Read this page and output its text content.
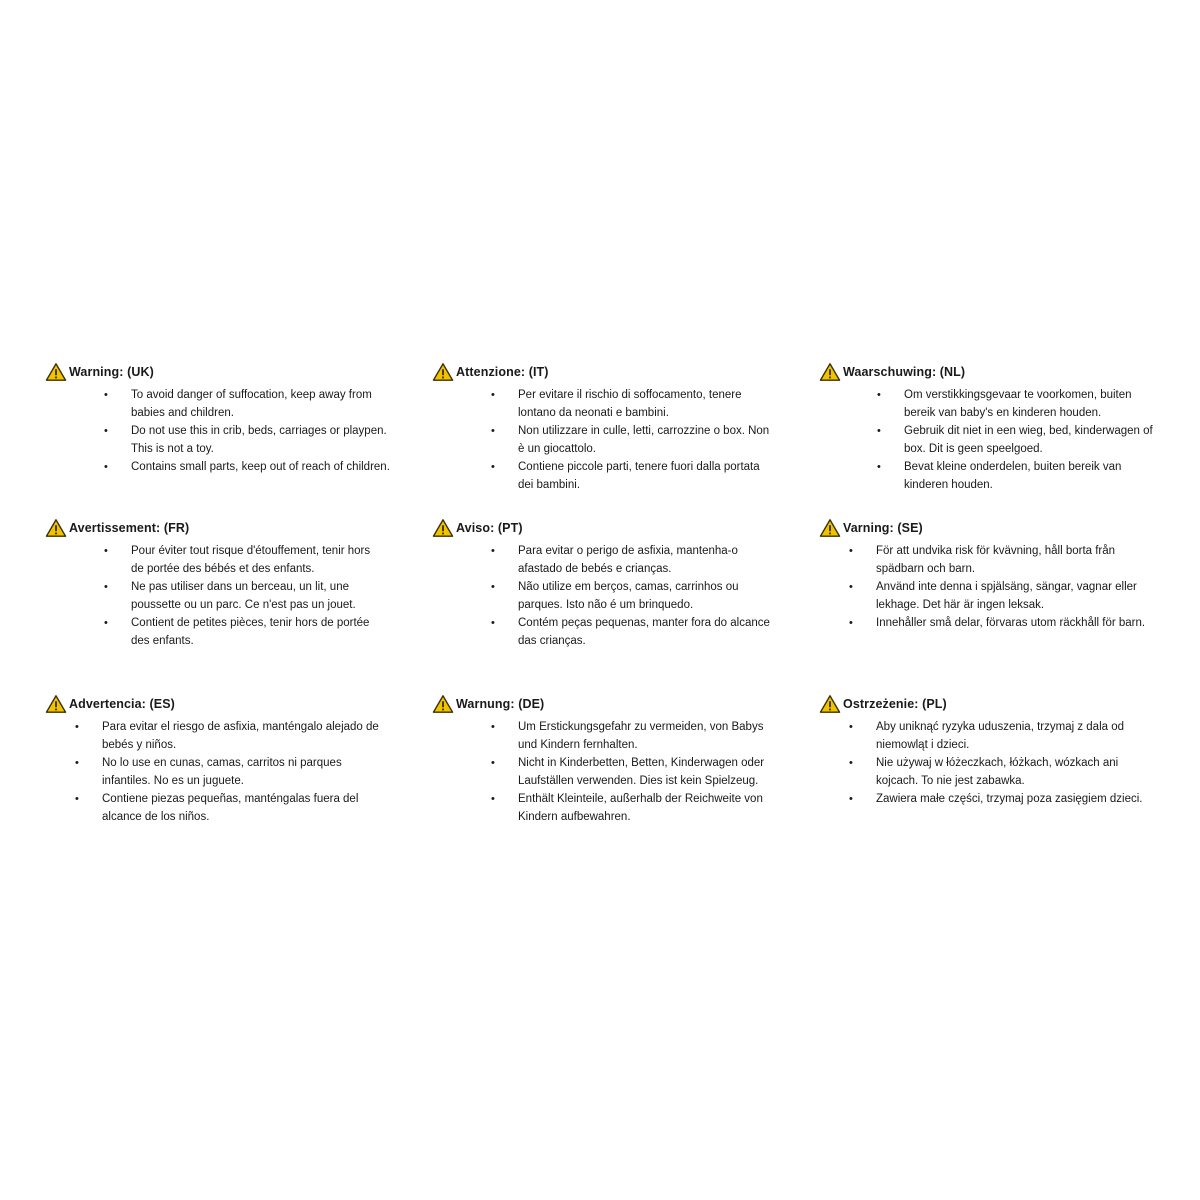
Warning: (UK)
• To avoid danger of suffocation, keep away from babies and children.
• Do not use this in crib, beds, carriages or playpen. This is not a toy.
• Contains small parts, keep out of reach of children.
Attenzione: (IT)
• Per evitare il rischio di soffocamento, tenere lontano da neonati e bambini.
• Non utilizzare in culle, letti, carrozzine o box. Non è un giocattolo.
• Contiene piccole parti, tenere fuori dalla portata dei bambini.
Waarschuwing: (NL)
• Om verstikkingsgevaar te voorkomen, buiten bereik van baby's en kinderen houden.
• Gebruik dit niet in een wieg, bed, kinderwagen of box. Dit is geen speelgoed.
• Bevat kleine onderdelen, buiten bereik van kinderen houden.
Avertissement: (FR)
• Pour éviter tout risque d'étouffement, tenir hors de portée des bébés et des enfants.
• Ne pas utiliser dans un berceau, un lit, une poussette ou un parc. Ce n'est pas un jouet.
• Contient de petites pièces, tenir hors de portée des enfants.
Aviso: (PT)
• Para evitar o perigo de asfixia, mantenha-o afastado de bebés e crianças.
• Não utilize em berços, camas, carrinhos ou parques. Isto não é um brinquedo.
• Contém peças pequenas, manter fora do alcance das crianças.
Varning: (SE)
• För att undvika risk för kvävning, håll borta från spädbarn och barn.
• Använd inte denna i spjälsäng, sängar, vagnar eller lekhage. Det här är ingen leksak.
• Innehåller små delar, förvaras utom räckhåll för barn.
Advertencia: (ES)
• Para evitar el riesgo de asfixia, manténgalo alejado de bebés y niños.
• No lo use en cunas, camas, carritos ni parques infantiles. No es un juguete.
• Contiene piezas pequeñas, manténgalas fuera del alcance de los niños.
Warnung: (DE)
• Um Erstickungsgefahr zu vermeiden, von Babys und Kindern fernhalten.
• Nicht in Kinderbetten, Betten, Kinderwagen oder Laufställen verwenden. Dies ist kein Spielzeug.
• Enthält Kleinteile, außerhalb der Reichweite von Kindern aufbewahren.
Ostrzeżenie: (PL)
• Aby uniknąć ryzyka uduszenia, trzymaj z dala od niemowląt i dzieci.
• Nie używaj w łóżeczkach, łóżkach, wózkach ani kojcach. To nie jest zabawka.
• Zawiera małe części, trzymaj poza zasięgiem dzieci.
